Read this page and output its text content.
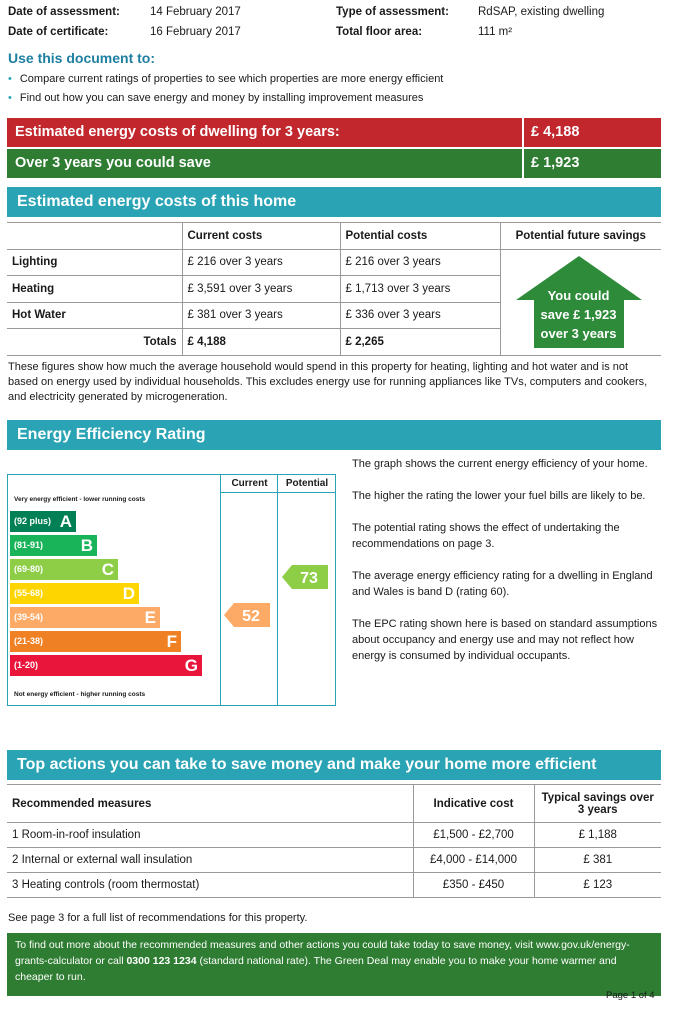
Date of assessment:	14 February 2017
Date of certificate:	16 February 2017
Type of assessment:	RdSAP, existing dwelling
Total floor area:	111 m²
Use this document to:
• Compare current ratings of properties to see which properties are more energy efficient
• Find out how you can save energy and money by installing improvement measures
Estimated energy costs of dwelling for 3 years:	£ 4,188
Over 3 years you could save	£ 1,923
Estimated energy costs of this home
	Current costs	Potential costs	Potential future savings
Lighting	£ 216 over 3 years	£ 216 over 3 years	You could
save £ 1,923
over 3 years

Heating	£ 3,591 over 3 years	£ 1,713 over 3 years	
Hot Water	£ 381 over 3 years	£ 336 over 3 years	
Totals	£ 4,188	£ 2,265	
These figures show how much the average household would spend in this property for heating, lighting and hot water and is not based on energy used by individual households. This excludes energy use for running appliances like TVs, computers and cookers, and electricity generated by microgeneration.
Energy Efficiency Rating
Current	Potential
Very energy efficient - lower running costs
(92 plus) A
(81-91) B
(69-80)	C
(55-68)	D
(39-54)	E
(21-38)	F
(1-20)	G
Not energy efficient - higher running costs
52
73

The graph shows the current energy efficiency of your home.

The higher the rating the lower your fuel bills are likely to be.

The potential rating shows the effect of undertaking the recommendations on page 3.

The average energy efficiency rating for a dwelling in England and Wales is band D (rating 60).

The EPC rating shown here is based on standard assumptions about occupancy and energy use and may not reflect how energy is consumed by individual occupants.

Top actions you can take to save money and make your home more efficient
Recommended measures	Indicative cost	Typical savings over 3 years
1 Room-in-roof insulation	£1,500 - £2,700	£ 1,188
2 Internal or external wall insulation	£4,000 - £14,000	£ 381
3 Heating controls (room thermostat)	£350 - £450	£ 123
See page 3 for a full list of recommendations for this property.
To find out more about the recommended measures and other actions you could take today to save money, visit www.gov.uk/energy-grants-calculator or call 0300 123 1234 (standard national rate). The Green Deal may enable you to make your home warmer and cheaper to run.
Page 1 of 4
